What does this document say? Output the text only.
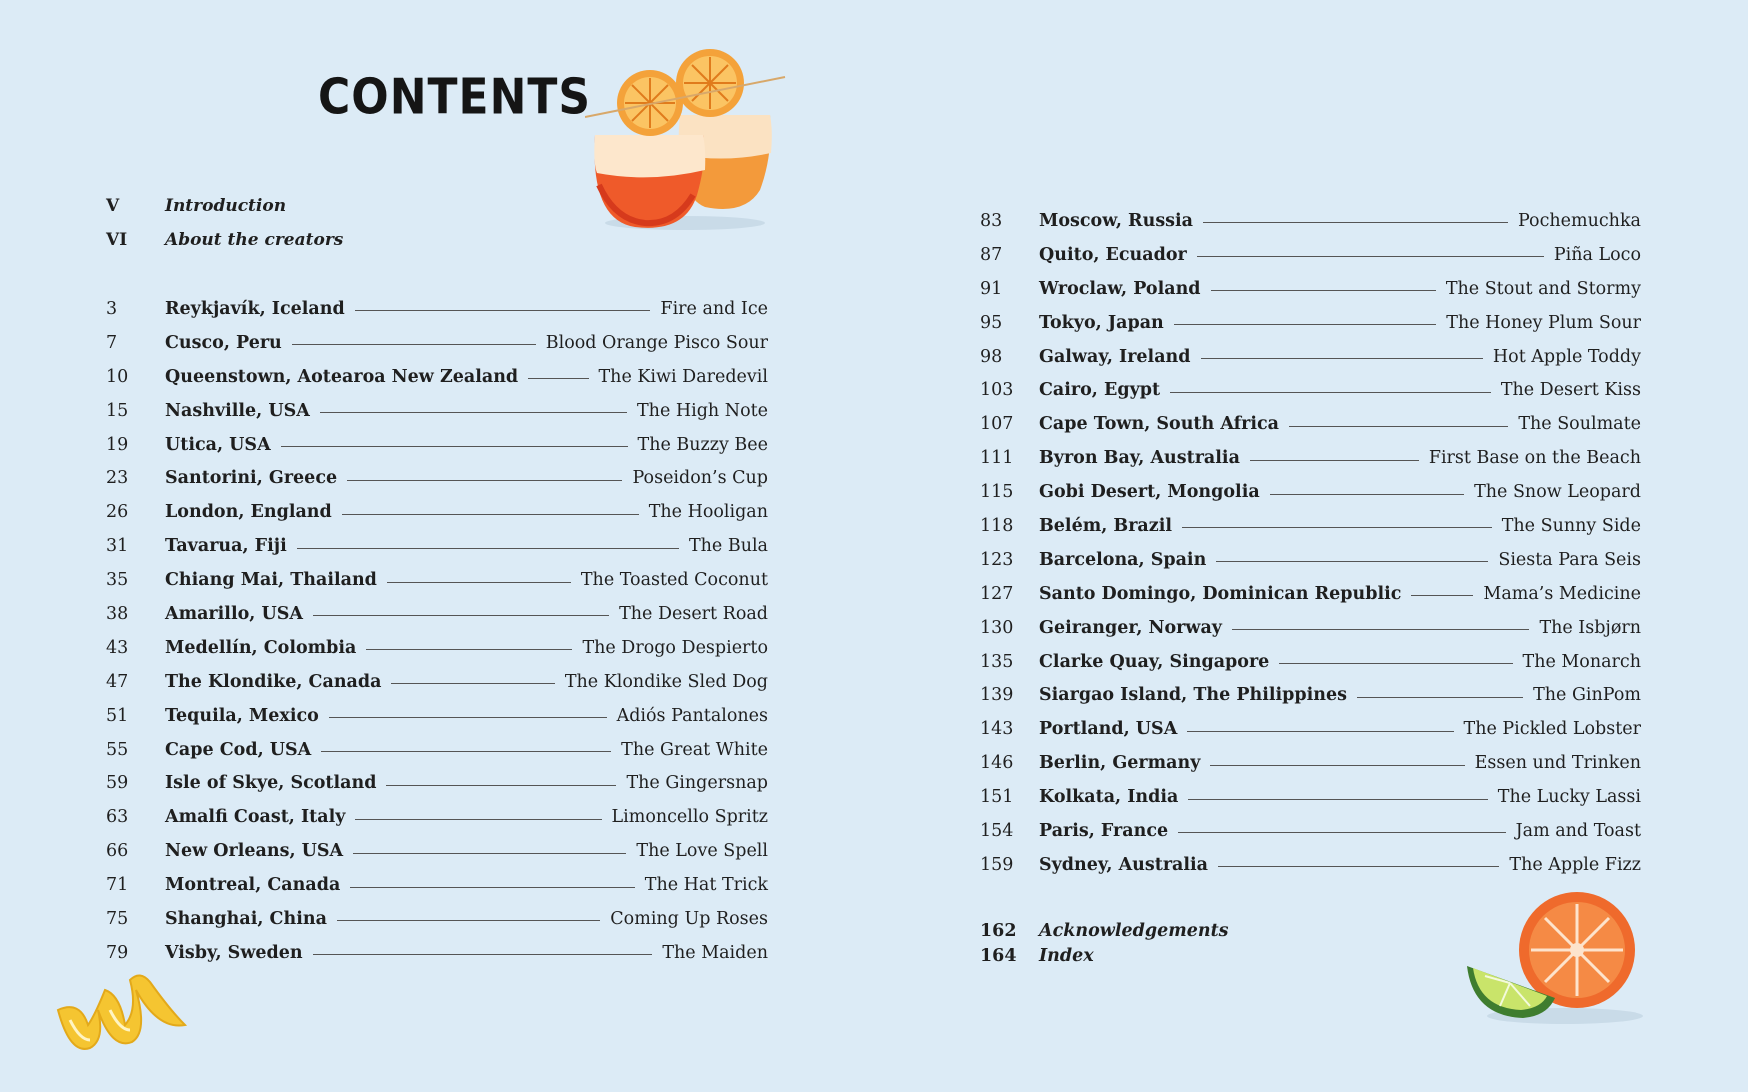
CONTENTS
V	Introduction
VI	About the creators
3	Reykjavík, Iceland	Fire and Ice
7	Cusco, Peru	Blood Orange Pisco Sour
10	Queenstown, Aotearoa New Zealand	The Kiwi Daredevil
15	Nashville, USA	The High Note
19	Utica, USA	The Buzzy Bee
23	Santorini, Greece	Poseidon’s Cup
26	London, England	The Hooligan
31	Tavarua, Fiji	The Bula
35	Chiang Mai, Thailand	The Toasted Coconut
38	Amarillo, USA	The Desert Road
43	Medellín, Colombia	The Drogo Despierto
47	The Klondike, Canada	The Klondike Sled Dog
51	Tequila, Mexico	Adiós Pantalones
55	Cape Cod, USA	The Great White
59	Isle of Skye, Scotland	The Gingersnap
63	Amalfi Coast, Italy	Limoncello Spritz
66	New Orleans, USA	The Love Spell
71	Montreal, Canada	The Hat Trick
75	Shanghai, China	Coming Up Roses
79	Visby, Sweden	The Maiden
83	Moscow, Russia	Pochemuchka
87	Quito, Ecuador	Piña Loco
91	Wroclaw, Poland	The Stout and Stormy
95	Tokyo, Japan	The Honey Plum Sour
98	Galway, Ireland	Hot Apple Toddy
103	Cairo, Egypt	The Desert Kiss
107	Cape Town, South Africa	The Soulmate
111	Byron Bay, Australia	First Base on the Beach
115	Gobi Desert, Mongolia	The Snow Leopard
118	Belém, Brazil	The Sunny Side
123	Barcelona, Spain	Siesta Para Seis
127	Santo Domingo, Dominican Republic	Mama’s Medicine
130	Geiranger, Norway	The Isbjørn
135	Clarke Quay, Singapore	The Monarch
139	Siargao Island, The Philippines	The GinPom
143	Portland, USA	The Pickled Lobster
146	Berlin, Germany	Essen und Trinken
151	Kolkata, India	The Lucky Lassi
154	Paris, France	Jam and Toast
159	Sydney, Australia	The Apple Fizz
162	Acknowledgements
164	Index
